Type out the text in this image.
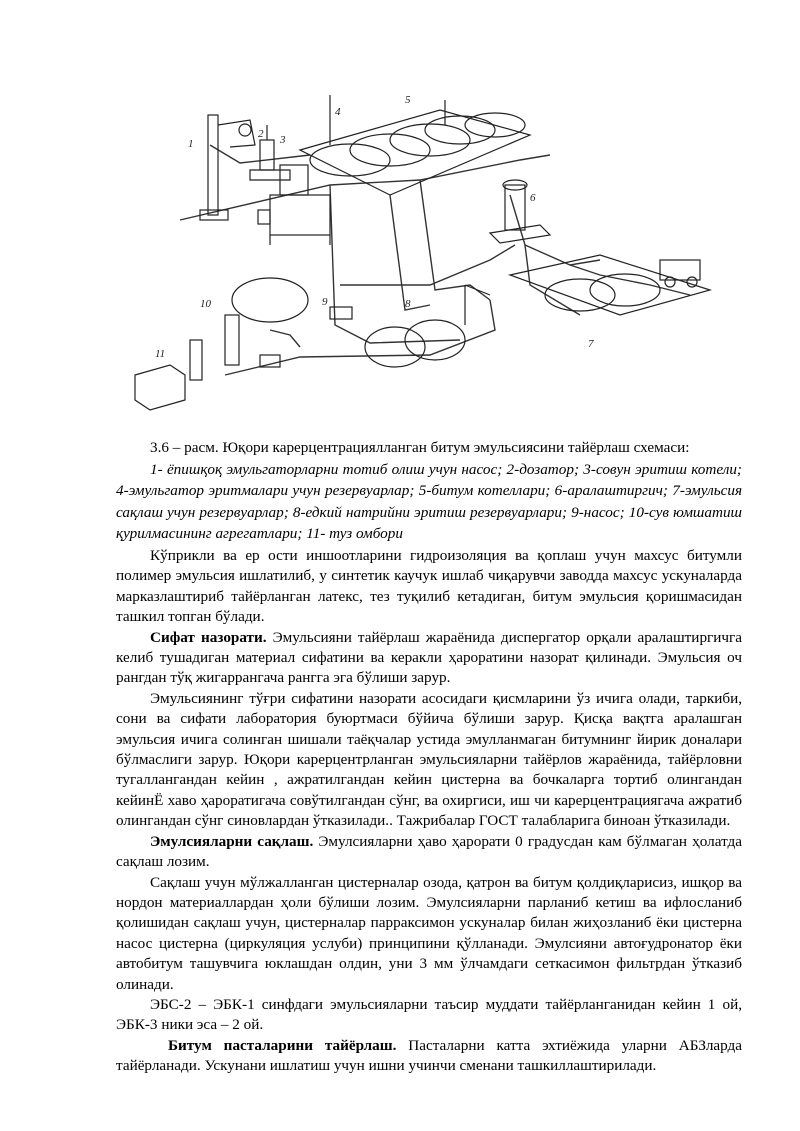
1
2 3
4
5
6
7
8
9
10
11
3.6 – расм. Юқори карерцентрациялланган битум эмульсиясини тайёрлаш схемаси:
1- ёпишқоқ эмульгаторларни тотиб олиш учун насос; 2-дозатор; 3-совун эритиш котели; 4-эмульгатор эритмалари учун резервуарлар; 5-битум котеллари; 6-аралаштиргич; 7-эмульсия сақлаш учун резервуарлар; 8-едкий натрийни эритиш резервуарлари; 9-насос; 10-сув юмшатиш қурилмасининг агрегатлари; 11- туз омбори

Кўприкли ва ер ости иншоотларини гидроизоляция ва қоплаш учун махсус битумли полимер эмульсия ишлатилиб, у синтетик каучук ишлаб чиқарувчи заводда махсус ускуналарда марказлаштириб тайёрланган латекс, тез туқилиб кетадиган, битум эмульсия қоришмасидан ташкил топган бўлади.

Сифат назорати. Эмульсияни тайёрлаш жараёнида диспергатор орқали аралаштиргичга келиб тушадиган материал сифатини ва керакли ҳароратини назорат қилинади. Эмульсия оч рангдан тўқ жигаррангача рангга эга бўлиши зарур.

Эмульсиянинг тўғри сифатини назорати асосидаги қисмларини ўз ичига олади, таркиби, сони ва сифати лаборатория буюртмаси бўйича бўлиши зарур. Қисқа вақтга аралашган эмульсия ичига солинган шишали таёқчалар устида эмулланмаган битумнинг йирик доналари бўлмаслиги зарур. Юқори карерцентрланган эмульсияларни тайёрлов жараёнида, тайёрловни тугаллангандан кейин , ажратилгандан кейин цистерна ва бочкаларга тортиб олингандан кейинЁ хаво ҳароратигача совўтилгандан сўнг, ва охиргиси, иш чи карерцентрациягача ажратиб олингандан сўнг синовлардан ўтказилади.. Тажрибалар ГОСТ талабларига биноан ўтказилади.

Эмулсияларни сақлаш. Эмулсияларни ҳаво ҳарорати 0 градусдан кам бўлмаган ҳолатда сақлаш лозим.

Сақлаш учун мўлжалланган цистерналар озода, қатрон ва битум қолдиқларисиз, ишқор ва нордон материаллардан ҳоли бўлиши лозим. Эмулсияларни парланиб кетиш ва ифлосланиб қолишидан сақлаш учун, цистерналар парраксимон ускуналар билан жиҳозланиб ёки цистерна насос цистерна (циркуляция услуби) принципини қўлланади. Эмулсияни автоғудронатор ёки автобитум ташувчига юклашдан олдин, уни 3 мм ўлчамдаги сеткасимон фильтрдан ўтказиб олинади.

ЭБС-2 – ЭБК-1 синфдаги эмульсияларни таъсир муддати тайёрланганидан кейин 1 ой, ЭБК-3 ники эса – 2 ой.

Битум пасталарини тайёрлаш. Пасталарни катта эхтиёжида уларни АБЗларда тайёрланади. Ускунани ишлатиш учун ишни учинчи сменани ташкиллаштирилади.
